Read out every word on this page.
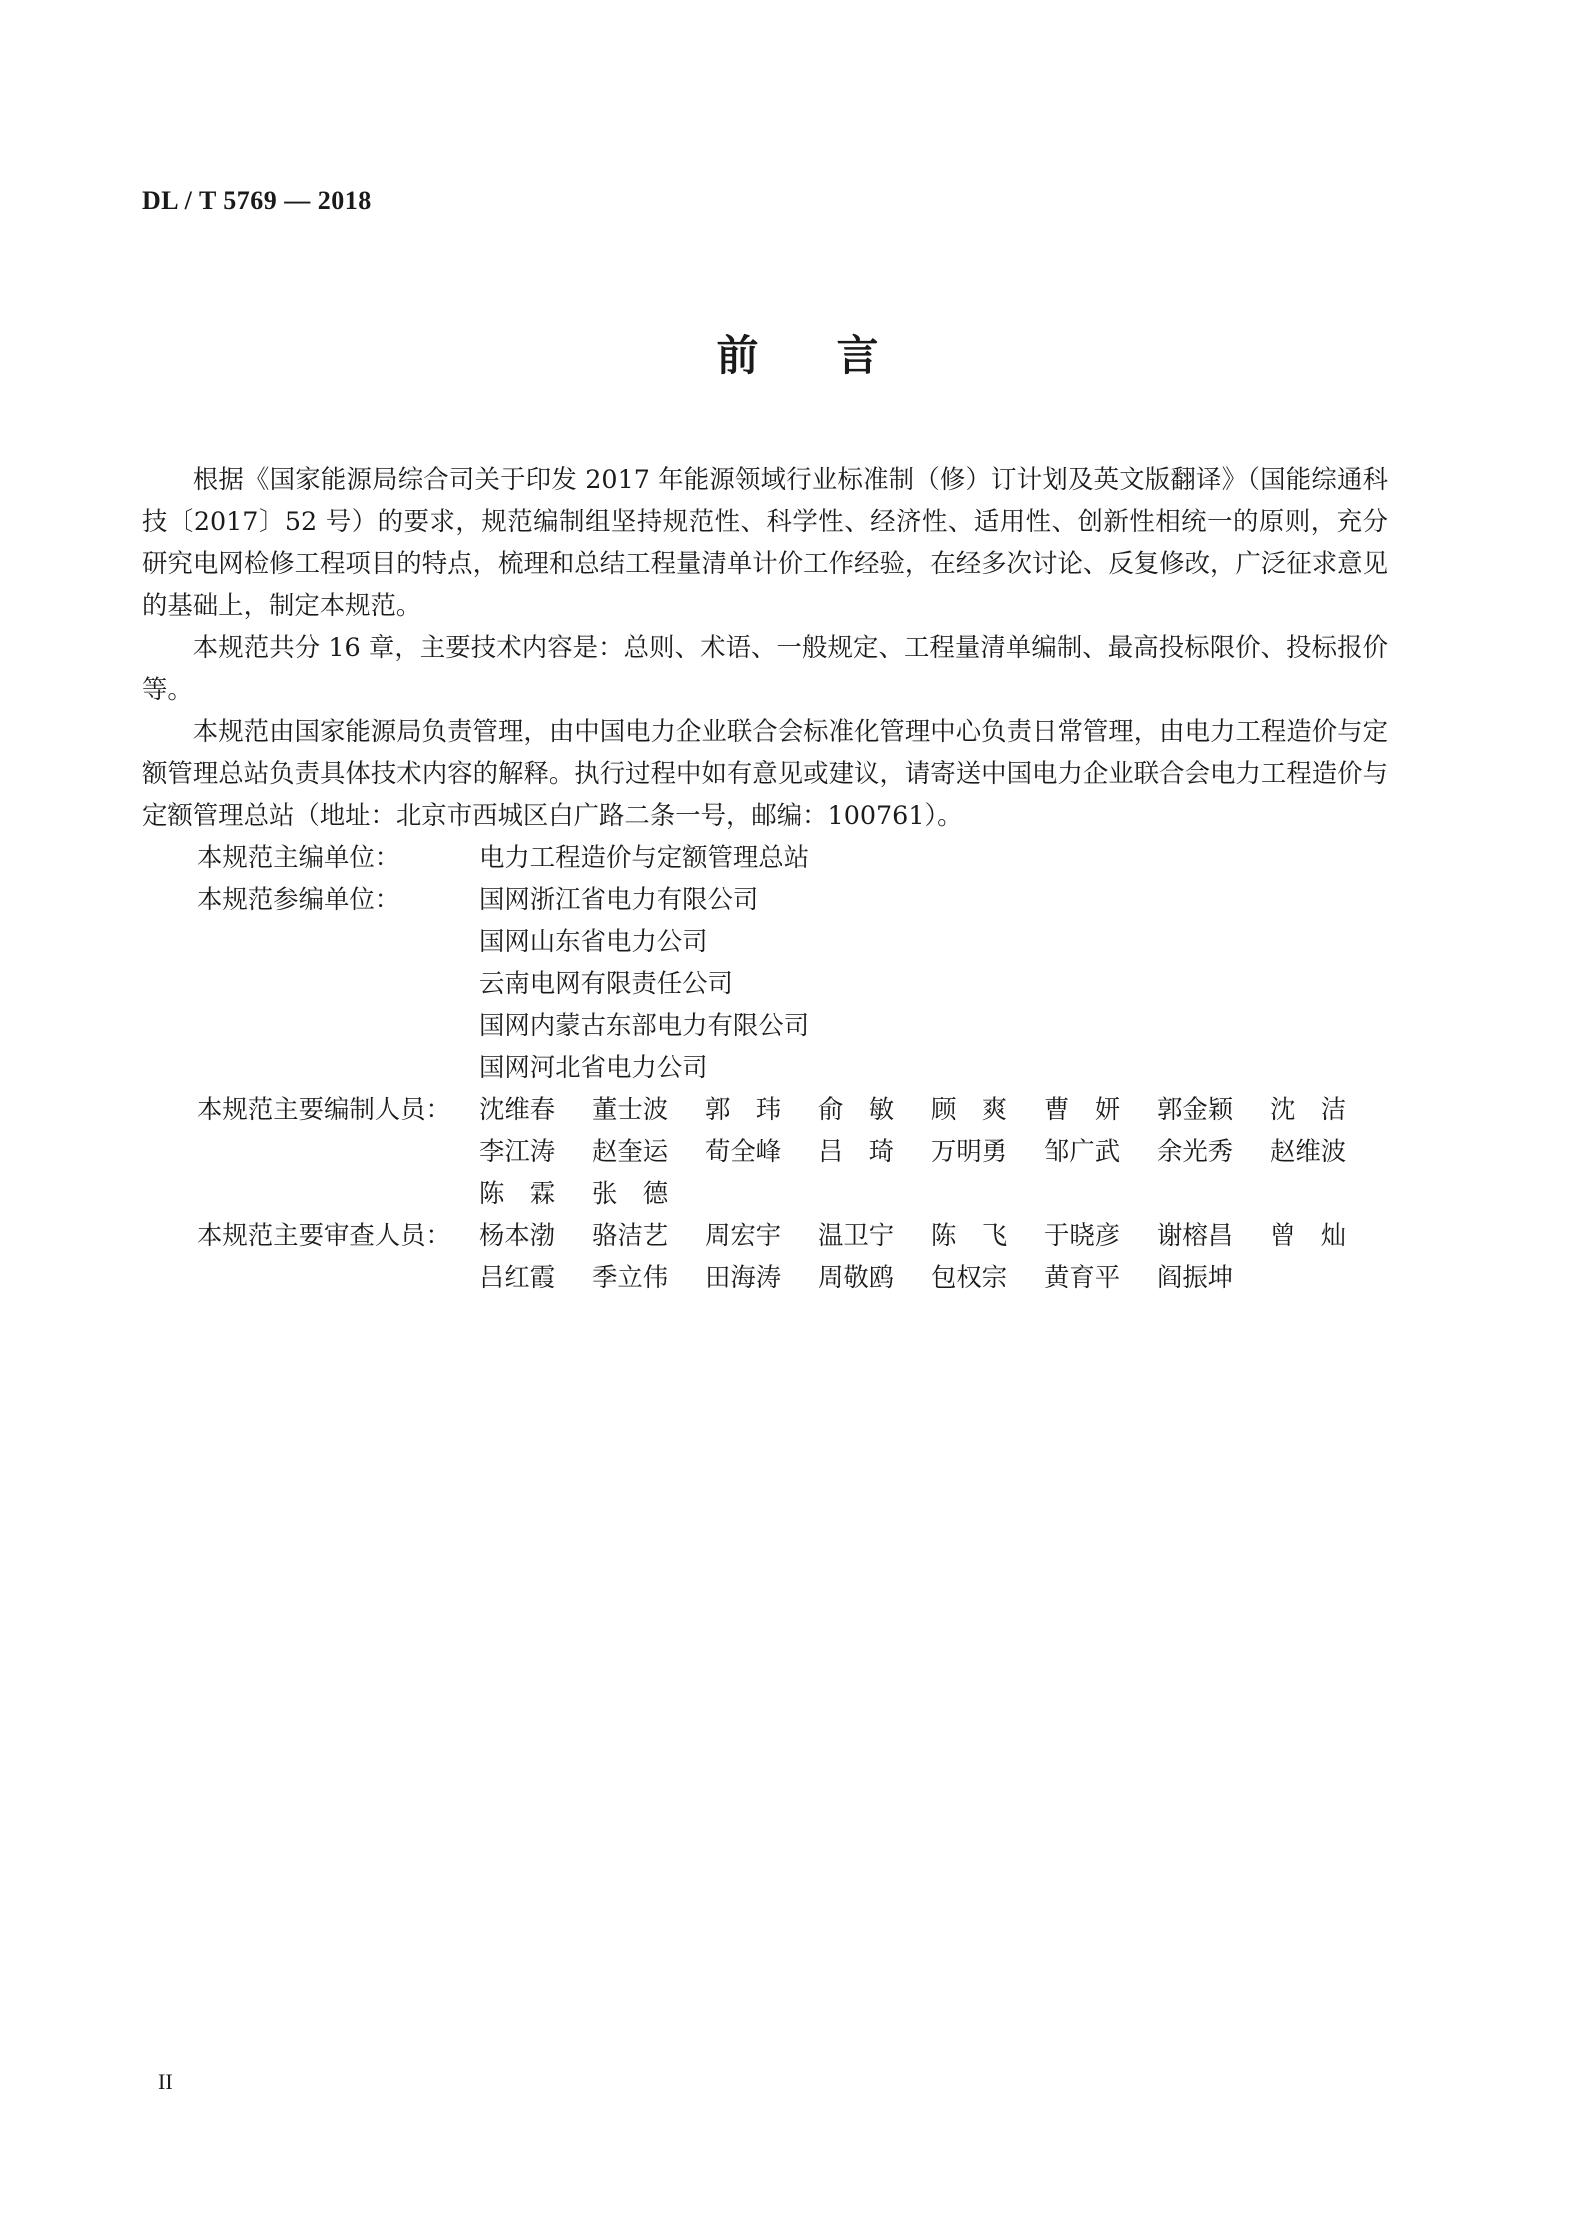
DL / T 5769 — 2018
前言

根据《国家能源局综合司关于印发 2017 年能源领域行业标准制（修）订计划及英文版翻译》（国能综通科技〔2017〕52 号）的要求，规范编制组坚持规范性、科学性、经济性、适用性、创新性相统一的原则，充分研究电网检修工程项目的特点，梳理和总结工程量清单计价工作经验，在经多次讨论、反复修改，广泛征求意见的基础上，制定本规范。

本规范共分 16 章，主要技术内容是：总则、术语、一般规定、工程量清单编制、最高投标限价、投标报价等。

本规范由国家能源局负责管理，由中国电力企业联合会标准化管理中心负责日常管理，由电力工程造价与定额管理总站负责具体技术内容的解释。执行过程中如有意见或建议，请寄送中国电力企业联合会电力工程造价与定额管理总站（地址：北京市西城区白广路二条一号，邮编：100761）。

本规范主编单位：	电力工程造价与定额管理总站
本规范参编单位：	国网浙江省电力有限公司
国网山东省电力公司
云南电网有限责任公司
国网内蒙古东部电力有限公司
国网河北省电力公司
本规范主要编制人员：	沈维春	董士波	郭　玮	俞　敏	顾　爽	曹　妍	郭金颖	沈　洁
李江涛	赵奎运	荀全峰	吕　琦	万明勇	邹广武	余光秀	赵维波
陈　霖	张　德
本规范主要审查人员：	杨本渤	骆洁艺	周宏宇	温卫宁	陈　飞	于晓彦	谢榕昌	曾　灿
吕红霞	季立伟	田海涛	周敬鸥	包权宗	黄育平	阎振坤
II
